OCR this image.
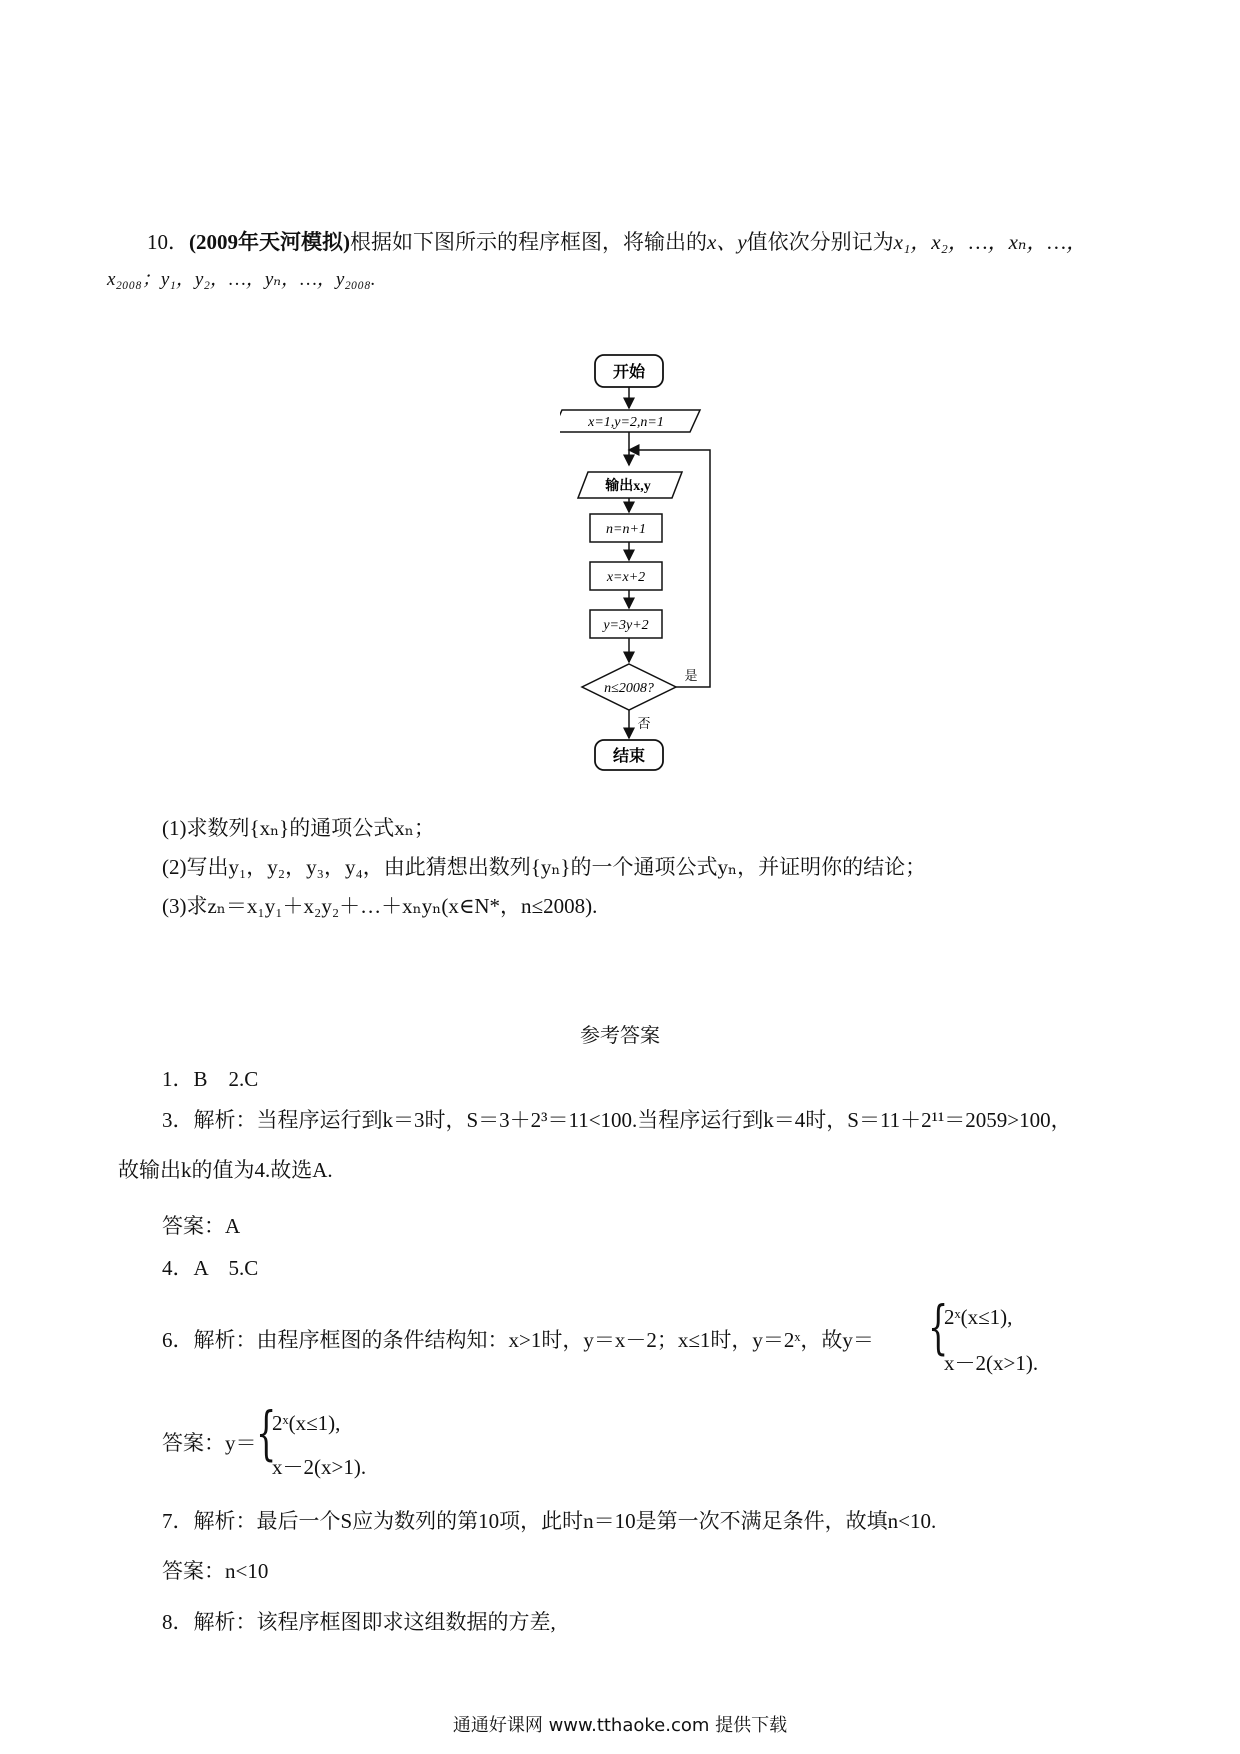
10．(2009年天河模拟)根据如下图所示的程序框图，将输出的x、y值依次分别记为x₁，x₂，…，xₙ，…，
x₂₀₀₈；y₁，y₂，…，yₙ，…，y₂₀₀₈.
开始
x=1,y=2,n=1
输出x,y
n=n+1
x=x+2
y=3y+2
n≤2008?
是
否
结束
(1)求数列{xₙ}的通项公式xₙ；
(2)写出y₁，y₂，y₃，y₄，由此猜想出数列{yₙ}的一个通项公式yₙ，并证明你的结论；
(3)求zₙ＝x₁y₁＋x₂y₂＋…＋xₙyₙ(x∈N*，n≤2008).
参考答案
1．B　2.C
3．解析：当程序运行到k＝3时，S＝3＋2³＝11<100.当程序运行到k＝4时，S＝11＋2¹¹＝2059>100，
故输出k的值为4.故选A.
答案：A
4．A　5.C
6．解析：由程序框图的条件结构知：x>1时，y＝x－2；x≤1时，y＝2ˣ，故y＝ {
2ˣ(x≤1),
x－2(x>1).
答案：y＝ {
2ˣ(x≤1),
x－2(x>1).
7．解析：最后一个S应为数列的第10项，此时n＝10是第一次不满足条件，故填n<10.
答案：n<10
8．解析：该程序框图即求这组数据的方差,
通通好课网 www.tthaoke.com 提供下载
